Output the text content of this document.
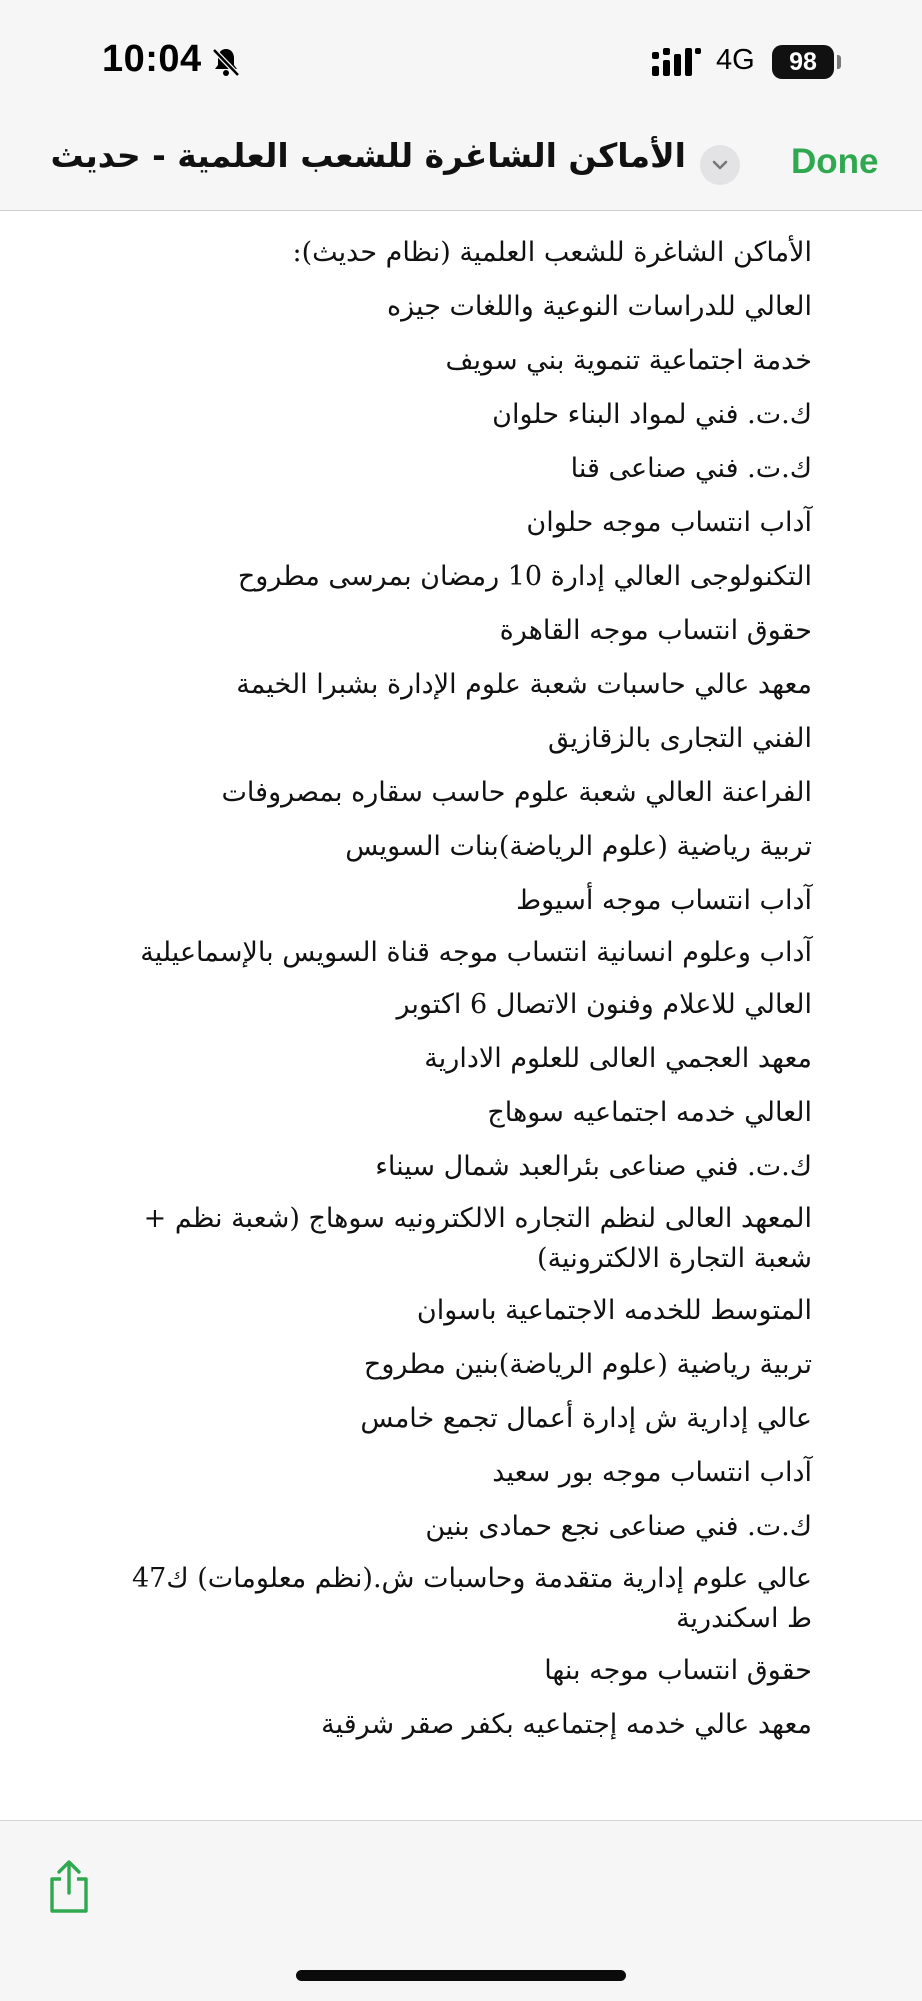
10:04	4G	98
الأماكن الشاغرة للشعب العلمية - حديث	Done
الأماكن الشاغرة للشعب العلمية (نظام حديث):
العالي للدراسات النوعية واللغات جيزه
خدمة اجتماعية تنموية بني سويف
ك.ت. فني لمواد البناء حلوان
ك.ت. فني صناعى قنا
آداب انتساب موجه حلوان
التكنولوجى العالي إدارة 10 رمضان بمرسى مطروح
حقوق انتساب موجه القاهرة
معهد عالي حاسبات شعبة علوم الإدارة بشبرا الخيمة
الفني التجارى بالزقازيق
الفراعنة العالي شعبة علوم حاسب سقاره بمصروفات
تربية رياضية (علوم الرياضة)بنات السويس
آداب انتساب موجه أسيوط
آداب وعلوم انسانية انتساب موجه قناة السويس بالإسماعيلية
العالي للاعلام وفنون الاتصال 6 اكتوبر
معهد العجمي العالى للعلوم الادارية
العالي خدمه اجتماعيه سوهاج
ك.ت. فني صناعى بئرالعبد شمال سيناء
المعهد العالى لنظم التجاره الالكترونيه سوهاج (شعبة نظم + شعبة التجارة الالكترونية)
المتوسط للخدمه الاجتماعية باسوان
تربية رياضية (علوم الرياضة)بنين مطروح
عالي إدارية ش إدارة أعمال تجمع خامس
آداب انتساب موجه بور سعيد
ك.ت. فني صناعى نجع حمادى بنين
عالي علوم إدارية متقدمة وحاسبات ش.(نظم معلومات) ك47 ط اسكندرية
حقوق انتساب موجه بنها
معهد عالي خدمه إجتماعيه بكفر صقر شرقية
